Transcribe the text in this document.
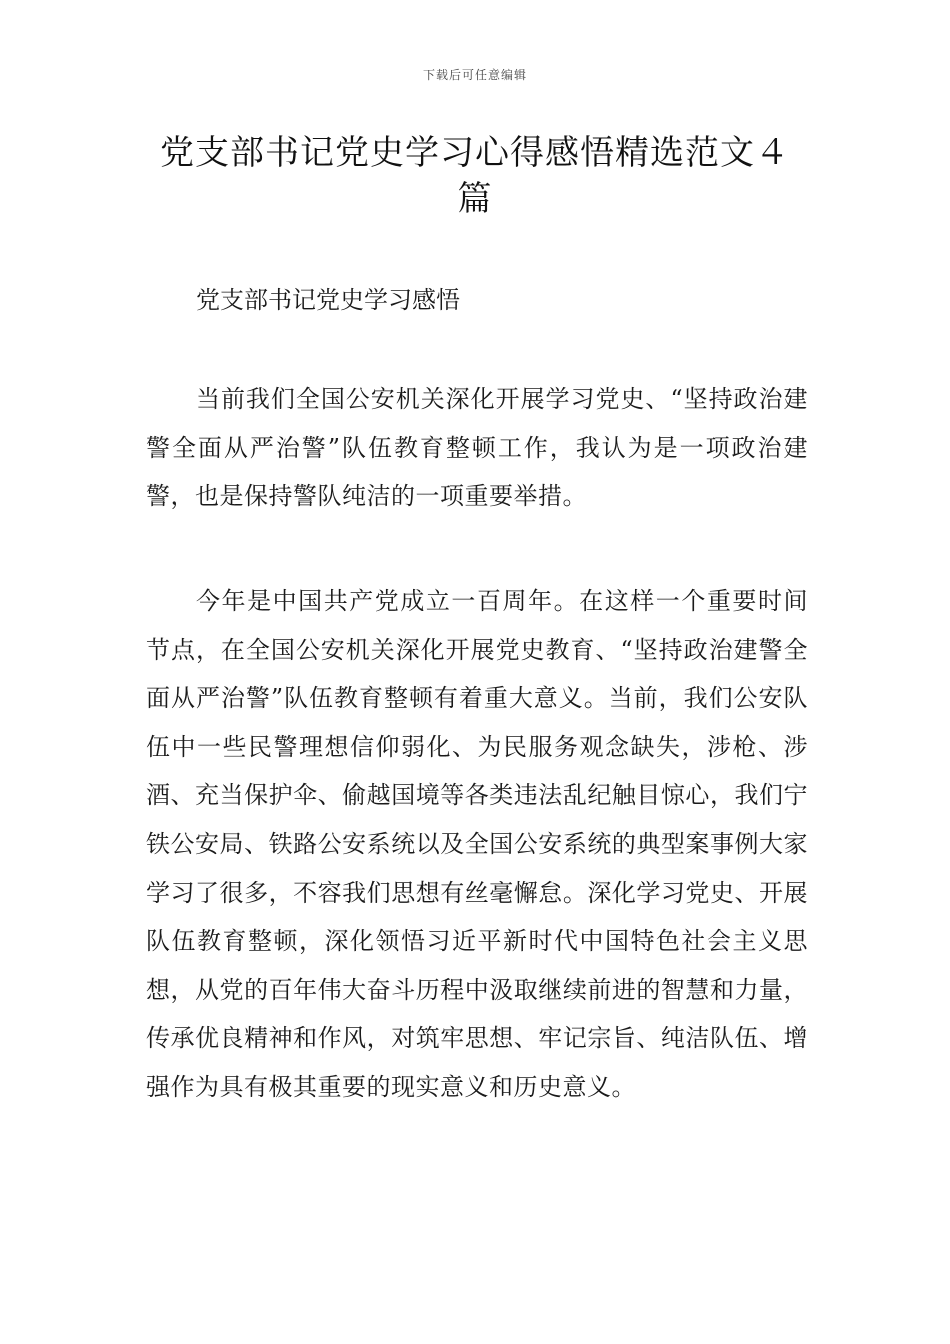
下载后可任意编辑
党支部书记党史学习心得感悟精选范文４篇
党支部书记党史学习感悟

当前我们全国公安机关深化开展学习党史、“坚持政治建警全面从严治警”队伍教育整顿工作，我认为是一项政治建警，也是保持警队纯洁的一项重要举措。

今年是中国共产党成立一百周年。在这样一个重要时间节点，在全国公安机关深化开展党史教育、“坚持政治建警全面从严治警”队伍教育整顿有着重大意义。当前，我们公安队伍中一些民警理想信仰弱化、为民服务观念缺失，涉枪、涉酒、充当保护伞、偷越国境等各类违法乱纪触目惊心，我们宁铁公安局、铁路公安系统以及全国公安系统的典型案事例大家学习了很多，不容我们思想有丝毫懈怠。深化学习党史、开展队伍教育整顿，深化领悟习近平新时代中国特色社会主义思想，从党的百年伟大奋斗历程中汲取继续前进的智慧和力量，传承优良精神和作风，对筑牢思想、牢记宗旨、纯洁队伍、增强作为具有极其重要的现实意义和历史意义。
